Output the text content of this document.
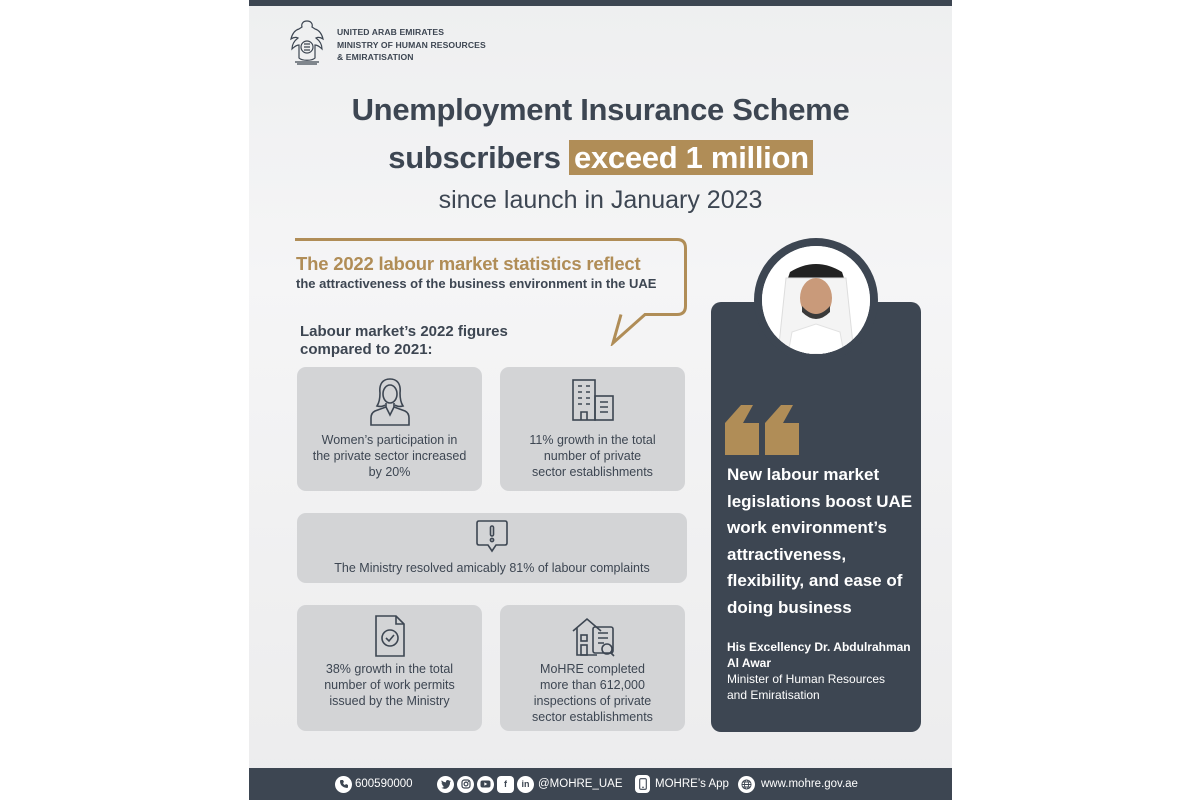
UNITED ARAB EMIRATES
MINISTRY OF HUMAN RESOURCES
& EMIRATISATION
Unemployment Insurance Scheme
subscribers exceed 1 million
since launch in January 2023
The 2022 labour market statistics reflect
the attractiveness of the business environment in the UAE
Labour market’s 2022 figures
compared to 2021:
Women’s participation in
the private sector increased
by 20%
11% growth in the total
number of private
sector establishments
The Ministry resolved amicably 81% of labour complaints
38% growth in the total
number of work permits
issued by the Ministry
MoHRE completed
more than 612,000
inspections of private
sector establishments
New labour market legislations boost UAE work environment’s attractiveness, flexibility, and ease of doing business
His Excellency Dr. Abdulrahman
Al Awar
Minister of Human Resources
and Emiratisation
600590000	f	in @MOHRE_UAE	MOHRE’s App	www.mohre.gov.ae
